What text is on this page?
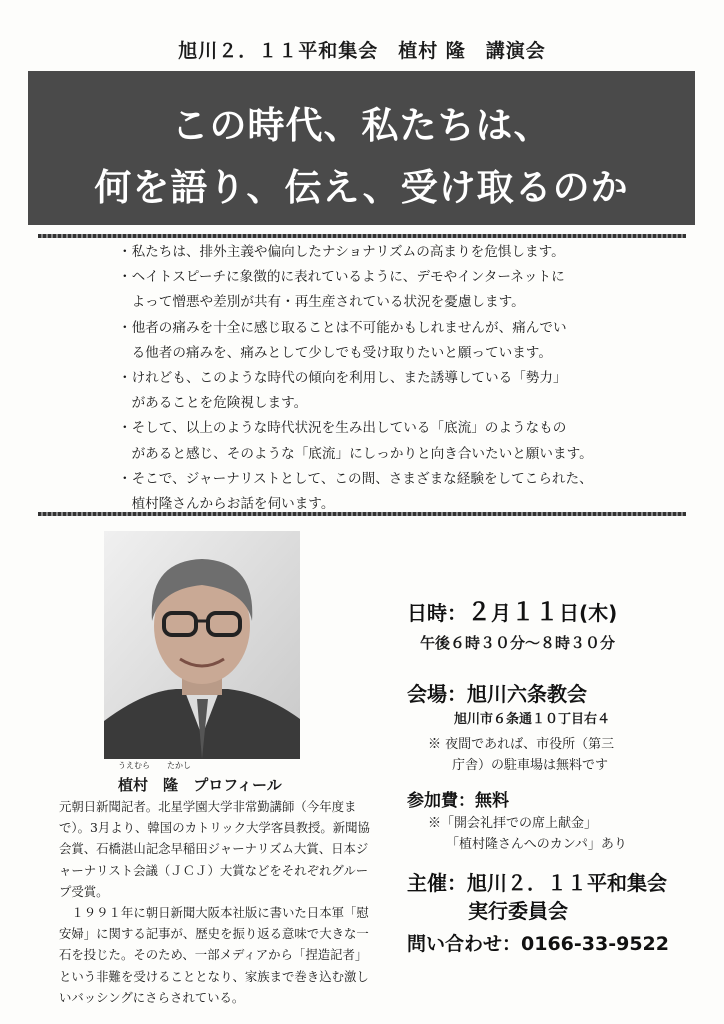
旭川２．１１平和集会　植村 隆　講演会
この時代、私たちは、
何を語り、伝え、受け取るのか

・私たちは、排外主義や偏向したナショナリズムの高まりを危惧します。

・ヘイトスピーチに象徴的に表れているように、デモやインターネットに

　よって憎悪や差別が共有・再生産されている状況を憂慮します。

・他者の痛みを十全に感じ取ることは不可能かもしれませんが、痛んでい

　る他者の痛みを、痛みとして少しでも受け取りたいと願っています。

・けれども、このような時代の傾向を利用し、また誘導している「勢力」

　があることを危険視します。

・そして、以上のような時代状況を生み出している「底流」のようなもの

　があると感じ、そのような「底流」にしっかりと向き合いたいと願います。

・そこで、ジャーナリストとして、この間、さまざまな経験をしてこられた、

　植村隆さんからお話を伺います。

うえむら たかし
植村　隆 プロフィール

元朝日新聞記者。北星学園大学非常勤講師（今年度まで）。3月より、韓国のカトリック大学客員教授。新聞協会賞、石橋湛山記念早稲田ジャーナリズム大賞、日本ジャーナリスト会議（ＪＣＪ）大賞などをそれぞれグループ受賞。

１９９１年に朝日新聞大阪本社版に書いた日本軍「慰安婦」に関する記事が、歴史を振り返る意味で大きな一石を投じた。そのため、一部メディアから「捏造記者」という非難を受けることとなり、家族まで巻き込む激しいバッシングにさらされている。

日時：２月１１日(木)
午後６時３０分～８時３０分
会場：旭川六条教会
旭川市６条通１０丁目右４
※ 夜間であれば、市役所（第三
庁舎）の駐車場は無料です
参加費：無料
※「開会礼拝での席上献金」
「植村隆さんへのカンパ」あり
主催：旭川２．１１平和集会
実行委員会
問い合わせ：0166-33-9522
